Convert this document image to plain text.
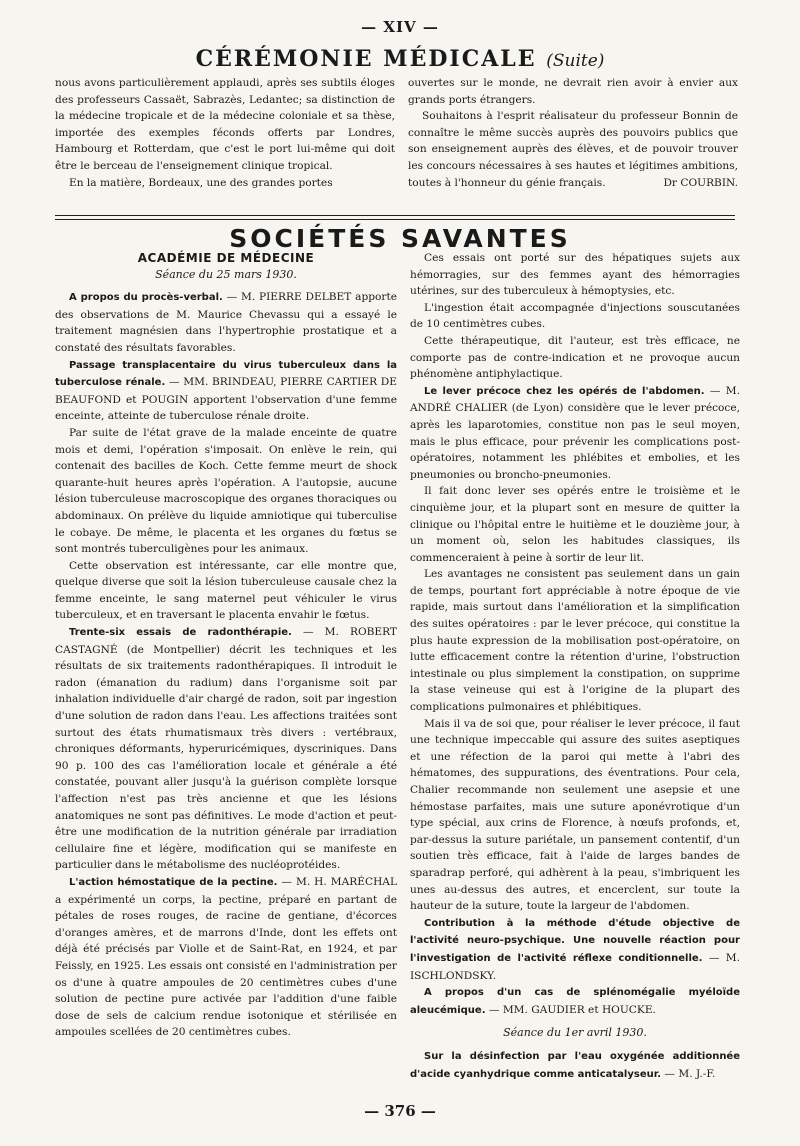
— XIV —
CÉRÉMONIE MÉDICALE (Suite)

nous avons particulièrement applaudi, après ses subtils éloges des professeurs Cassaët, Sabrazès, Ledantec; sa distinction de la médecine tropicale et de la médecine coloniale et sa thèse, importée des exemples féconds offerts par Londres, Hambourg et Rotterdam, que c'est le port lui-même qui doit être le berceau de l'enseignement clinique tropical.

En la matière, Bordeaux, une des grandes portes

ouvertes sur le monde, ne devrait rien avoir à envier aux grands ports étrangers.

Souhaitons à l'esprit réalisateur du professeur Bonnin de connaître le même succès auprès des pouvoirs publics que son enseignement auprès des élèves, et de pouvoir trouver les concours nécessaires à ses hautes et légitimes ambitions, toutes à l'honneur du génie français.	Dr COURBIN.

SOCIÉTÉS SAVANTES
ACADÉMIE DE MÉDECINE
Séance du 25 mars 1930.

A propos du procès-verbal. — M. PIERRE DELBET apporte des observations de M. Maurice Chevassu qui a essayé le traitement magnésien dans l'hypertrophie prostatique et a constaté des résultats favorables.

Passage transplacentaire du virus tuberculeux dans la tuberculose rénale. — MM. BRINDEAU, PIERRE CARTIER DE BEAUFOND et POUGIN apportent l'observation d'une femme enceinte, atteinte de tuberculose rénale droite.

Par suite de l'état grave de la malade enceinte de quatre mois et demi, l'opération s'imposait. On enlève le rein, qui contenait des bacilles de Koch. Cette femme meurt de shock quarante-huit heures après l'opération. A l'autopsie, aucune lésion tuberculeuse macroscopique des organes thoraciques ou abdominaux. On prélève du liquide amniotique qui tuberculise le cobaye. De même, le placenta et les organes du fœtus se sont montrés tuberculigènes pour les animaux.

Cette observation est intéressante, car elle montre que, quelque diverse que soit la lésion tuberculeuse causale chez la femme enceinte, le sang maternel peut véhiculer le virus tuberculeux, et en traversant le placenta envahir le fœtus.

Trente-six essais de radonthérapie. — M. ROBERT CASTAGNÉ (de Montpellier) décrit les techniques et les résultats de six traitements radonthérapiques. Il introduit le radon (émanation du radium) dans l'organisme soit par inhalation individuelle d'air chargé de radon, soit par ingestion d'une solution de radon dans l'eau. Les affections traitées sont surtout des états rhumatismaux très divers : vertébraux, chroniques déformants, hyperuricémiques, dyscriniques. Dans 90 p. 100 des cas l'amélioration locale et générale a été constatée, pouvant aller jusqu'à la guérison complète lorsque l'affection n'est pas très ancienne et que les lésions anatomiques ne sont pas définitives. Le mode d'action et peut-être une modification de la nutrition générale par irradiation cellulaire fine et légère, modification qui se manifeste en particulier dans le métabolisme des nucléoprotéides.

L'action hémostatique de la pectine. — M. H. MARÉCHAL a expérimenté un corps, la pectine, préparé en partant de pétales de roses rouges, de racine de gentiane, d'écorces d'oranges amères, et de marrons d'Inde, dont les effets ont déjà été précisés par Violle et de Saint-Rat, en 1924, et par Feissly, en 1925. Les essais ont consisté en l'administration per os d'une à quatre ampoules de 20 centimètres cubes d'une solution de pectine pure activée par l'addition d'une faible dose de sels de calcium rendue isotonique et stérilisée en ampoules scellées de 20 centimètres cubes.

Ces essais ont porté sur des hépatiques sujets aux hémorragies, sur des femmes ayant des hémorragies utérines, sur des tuberculeux à hémoptysies, etc.

L'ingestion était accompagnée d'injections souscutanées de 10 centimètres cubes.

Cette thérapeutique, dit l'auteur, est très efficace, ne comporte pas de contre-indication et ne provoque aucun phénomène antiphylactique.

Le lever précoce chez les opérés de l'abdomen. — M. ANDRÉ CHALIER (de Lyon) considère que le lever précoce, après les laparotomies, constitue non pas le seul moyen, mais le plus efficace, pour prévenir les complications post-opératoires, notamment les phlébites et embolies, et les pneumonies ou broncho-pneumonies.

Il fait donc lever ses opérés entre le troisième et le cinquième jour, et la plupart sont en mesure de quitter la clinique ou l'hôpital entre le huitième et le douzième jour, à un moment où, selon les habitudes classiques, ils commenceraient à peine à sortir de leur lit.

Les avantages ne consistent pas seulement dans un gain de temps, pourtant fort appréciable à notre époque de vie rapide, mais surtout dans l'amélioration et la simplification des suites opératoires : par le lever précoce, qui constitue la plus haute expression de la mobilisation post-opératoire, on lutte efficacement contre la rétention d'urine, l'obstruction intestinale ou plus simplement la constipation, on supprime la stase veineuse qui est à l'origine de la plupart des complications pulmonaires et phlébitiques.

Mais il va de soi que, pour réaliser le lever précoce, il faut une technique impeccable qui assure des suites aseptiques et une réfection de la paroi qui mette à l'abri des hématomes, des suppurations, des éventrations. Pour cela, Chalier recommande non seulement une asepsie et une hémostase parfaites, mais une suture aponévrotique d'un type spécial, aux crins de Florence, à nœufs profonds, et, par-dessus la suture pariétale, un pansement contentif, d'un soutien très efficace, fait à l'aide de larges bandes de sparadrap perforé, qui adhèrent à la peau, s'imbriquent les unes au-dessus des autres, et encerclent, sur toute la hauteur de la suture, toute la largeur de l'abdomen.

Contribution à la méthode d'étude objective de l'activité neuro-psychique. Une nouvelle réaction pour l'investigation de l'activité réflexe conditionnelle. — M. ISCHLONDSKY.

A propos d'un cas de splénomégalie myéloïde aleucémique. — MM. GAUDIER et HOUCKE.

Séance du 1er avril 1930.

Sur la désinfection par l'eau oxygénée additionnée d'acide cyanhydrique comme anticatalyseur. — M. J.-F.

— 376 —
